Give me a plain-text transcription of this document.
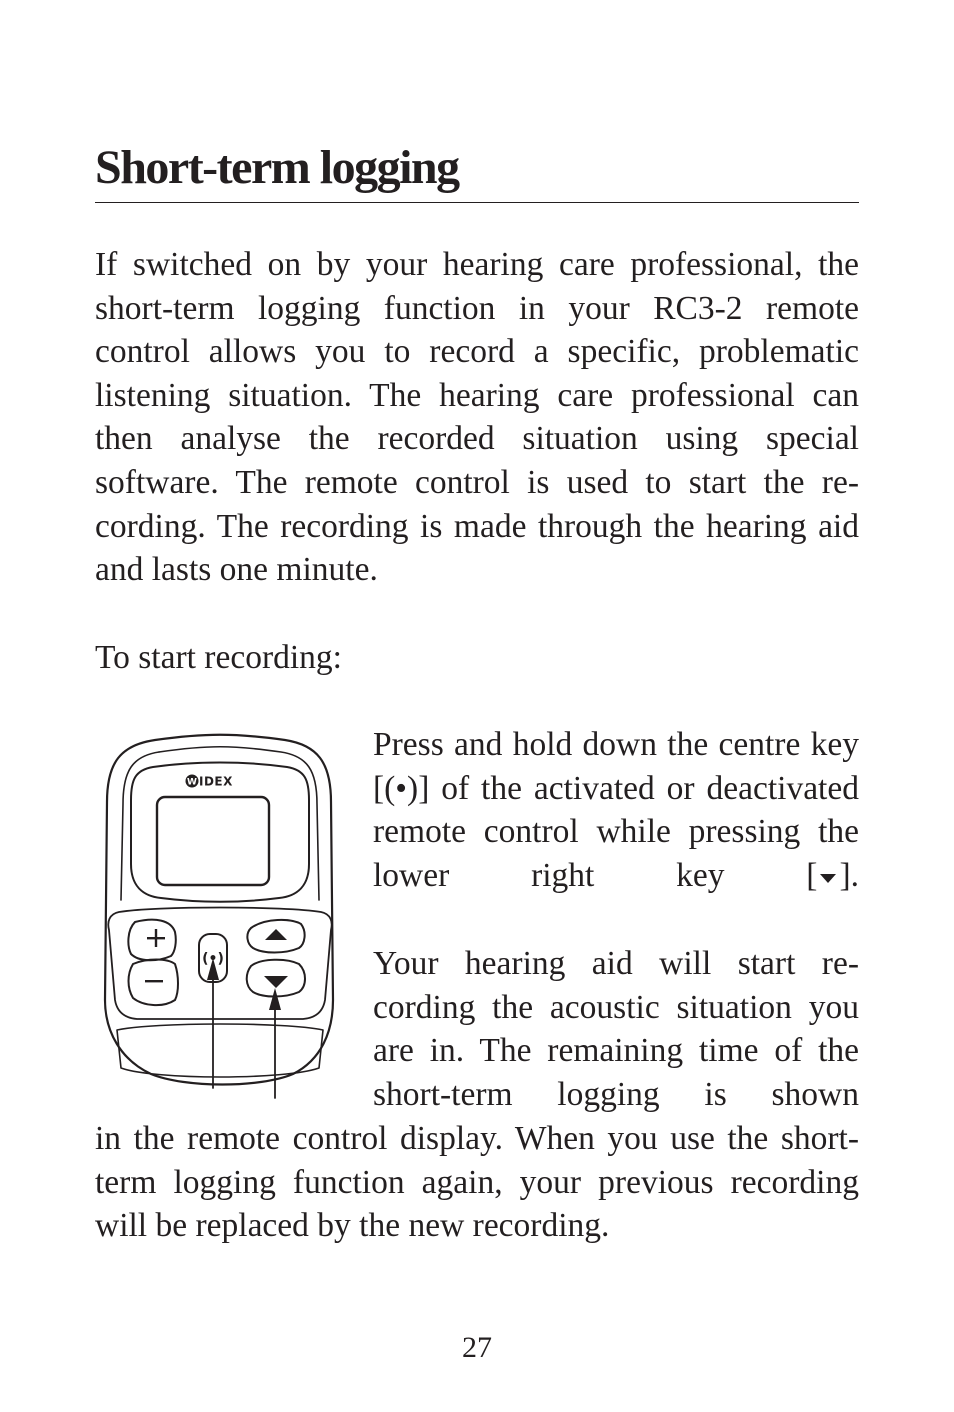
Short-term logging

If switched on by your hearing care professional, the short-term logging function in your RC3-2 remote control allows you to record a specific, problematic listening situation. The hearing care professional can then analyse the recorded situation using special software. The remote control is used to start the recording. The recording is made through the hearing aid and lasts one minute.

To start recording:

(•)
W IDEX

Press and hold down the centre key [(•)] of the activated or deactivated remote control while pressing the lower right key [ ].

Your hearing aid will start recording the acoustic situation you are in. The remaining time of the short-term logging is shown

in the remote control display. When you use the short-term logging function again, your previous recording will be replaced by the new recording.

27
